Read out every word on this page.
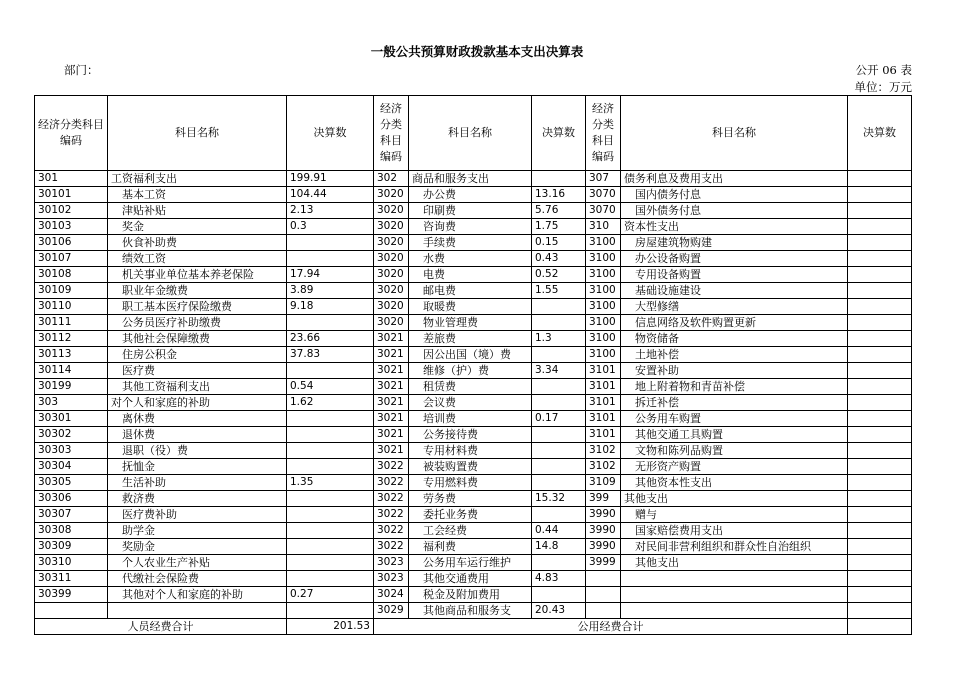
一般公共预算财政拨款基本支出决算表
部门：	公开 06 表
单位：万元
经济分类科目编码	科目名称	决算数	经济分类科目编码	科目名称	决算数	经济分类科目编码	科目名称	决算数
301	工资福利支出	199.91	302	商品和服务支出		307	债务利息及费用支出	
30101	基本工资	104.44	3020	办公费	13.16	3070	国内债务付息	
30102	津贴补贴	2.13	3020	印刷费	5.76	3070	国外债务付息	
30103	奖金	0.3	3020	咨询费	1.75	310	资本性支出	
30106	伙食补助费		3020	手续费	0.15	3100	房屋建筑物购建	
30107	绩效工资		3020	水费	0.43	3100	办公设备购置	
30108	机关事业单位基本养老保险	17.94	3020	电费	0.52	3100	专用设备购置	
30109	职业年金缴费	3.89	3020	邮电费	1.55	3100	基础设施建设	
30110	职工基本医疗保险缴费	9.18	3020	取暖费		3100	大型修缮	
30111	公务员医疗补助缴费		3020	物业管理费		3100	信息网络及软件购置更新	
30112	其他社会保障缴费	23.66	3021	差旅费	1.3	3100	物资储备	
30113	住房公积金	37.83	3021	因公出国（境）费		3100	土地补偿	
30114	医疗费		3021	维修（护）费	3.34	3101	安置补助	
30199	其他工资福利支出	0.54	3021	租赁费		3101	地上附着物和青苗补偿	
303	对个人和家庭的补助	1.62	3021	会议费		3101	拆迁补偿	
30301	离休费		3021	培训费	0.17	3101	公务用车购置	
30302	退休费		3021	公务接待费		3101	其他交通工具购置	
30303	退职（役）费		3021	专用材料费		3102	文物和陈列品购置	
30304	抚恤金		3022	被装购置费		3102	无形资产购置	
30305	生活补助	1.35	3022	专用燃料费		3109	其他资本性支出	
30306	救济费		3022	劳务费	15.32	399	其他支出	
30307	医疗费补助		3022	委托业务费		3990	赠与	
30308	助学金		3022	工会经费	0.44	3990	国家赔偿费用支出	
30309	奖励金		3022	福利费	14.8	3990	对民间非营利组织和群众性自治组织	
30310	个人农业生产补贴		3023	公务用车运行维护		3999	其他支出	
30311	代缴社会保险费		3023	其他交通费用	4.83			
30399	其他对个人和家庭的补助	0.27	3024	税金及附加费用				
			3029	其他商品和服务支	20.43			
人员经费合计		201.53	公用经费合计					
